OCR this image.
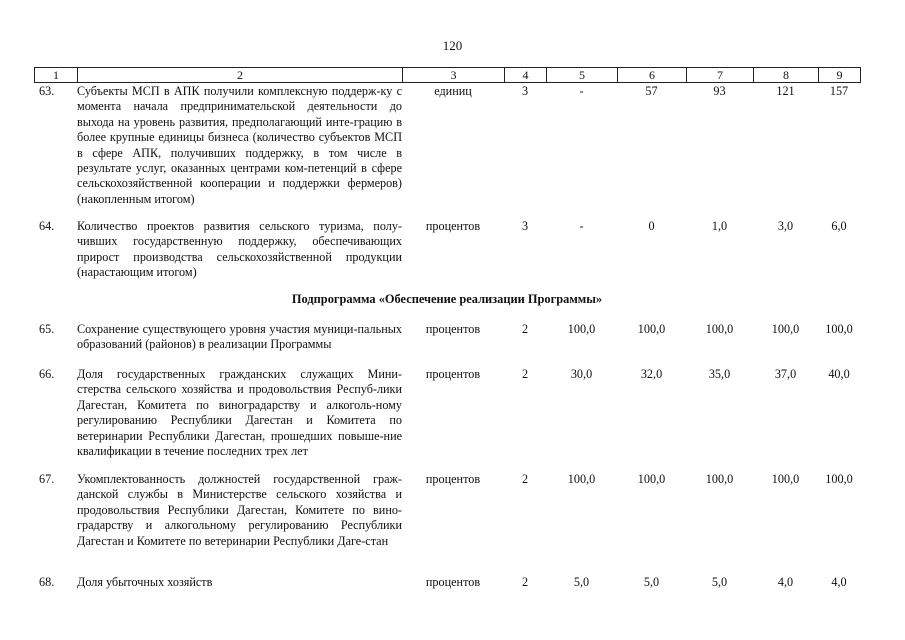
120
1	2	3	4	5	6	7	8	9
63. Субъекты МСП в АПК получили комплексную поддерж-ку с момента начала предпринимательской деятельности до выхода на уровень развития, предполагающий инте-грацию в более крупные единицы бизнеса (количество субъектов МСП в сфере АПК, получивших поддержку, в том числе в результате услуг, оказанных центрами ком-петенций в сфере сельскохозяйственной кооперации и поддержки фермеров) (накопленным итогом)
единиц	3	-	57	93	121	157
64. Количество проектов развития сельского туризма, полу-чивших государственную поддержку, обеспечивающих прирост производства сельскохозяйственной продукции (нарастающим итогом)
процентов	3	-	0	1,0	3,0	6,0
Подпрограмма «Обеспечение реализации Программы»
65. Сохранение существующего уровня участия муници-пальных образований (районов) в реализации Программы
процентов	2	100,0	100,0	100,0	100,0	100,0
66. Доля государственных гражданских служащих Мини-стерства сельского хозяйства и продовольствия Респуб-лики Дагестан, Комитета по виноградарству и алкоголь-ному регулированию Республики Дагестан и Комитета по ветеринарии Республики Дагестан, прошедших повыше-ние квалификации в течение последних трех лет
процентов	2	30,0	32,0	35,0	37,0	40,0
67. Укомплектованность должностей государственной граж-данской службы в Министерстве сельского хозяйства и продовольствия Республики Дагестан, Комитете по вино-градарству и алкогольному регулированию Республики Дагестан и Комитете по ветеринарии Республики Даге-стан
процентов	2	100,0	100,0	100,0	100,0	100,0
68. Доля убыточных хозяйств	процентов	2	5,0	5,0	5,0	4,0	4,0
